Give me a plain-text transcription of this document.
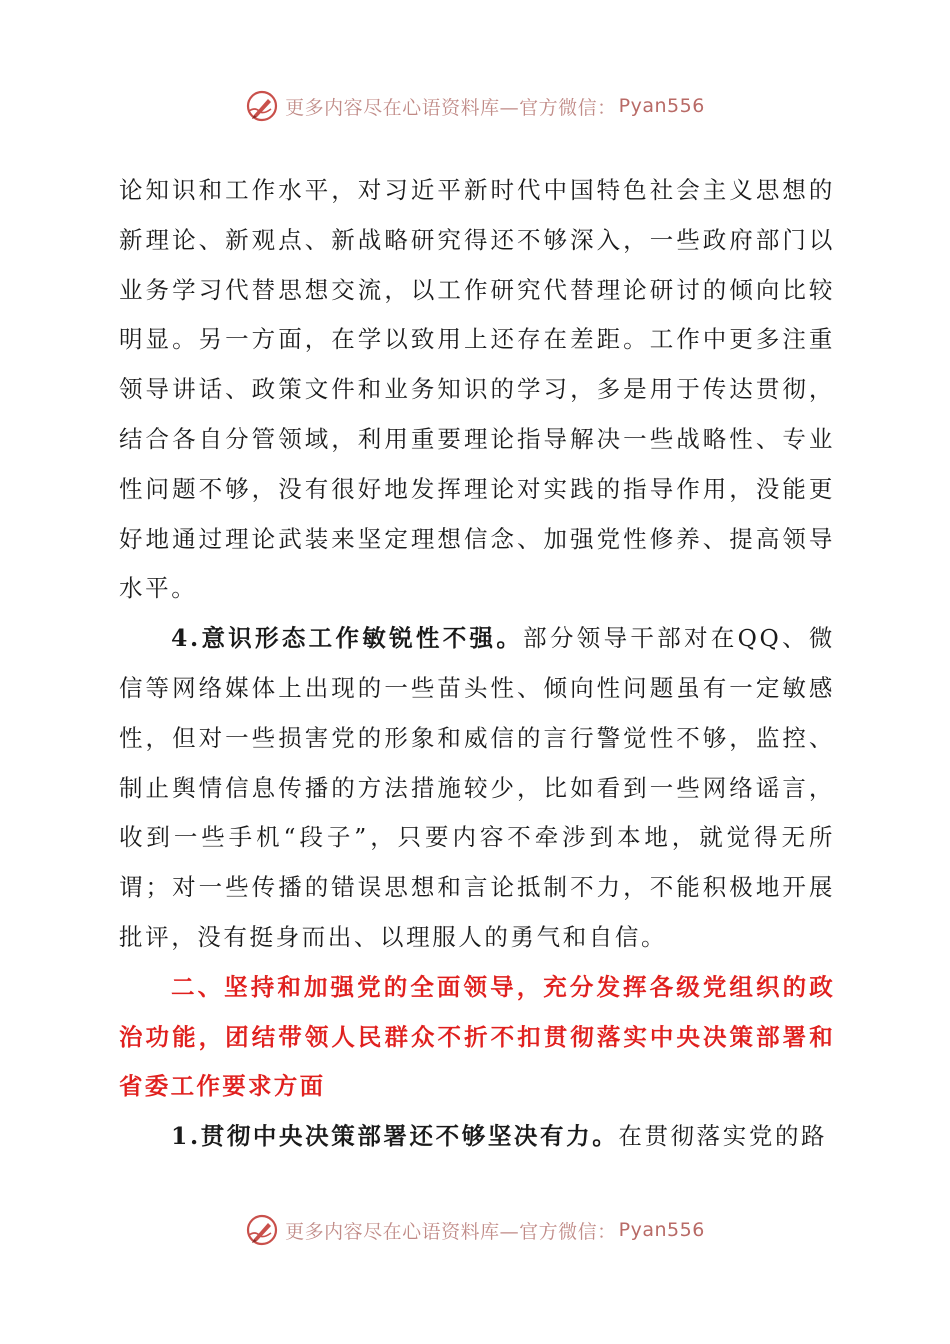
更多内容尽在心语资料库—官方微信： Pyan556

论知识和工作水平，对习近平新时代中国特色社会主义思想的新理论、新观点、新战略研究得还不够深入，一些政府部门以业务学习代替思想交流，以工作研究代替理论研讨的倾向比较明显。另一方面，在学以致用上还存在差距。工作中更多注重领导讲话、政策文件和业务知识的学习，多是用于传达贯彻，结合各自分管领域，利用重要理论指导解决一些战略性、专业性问题不够，没有很好地发挥理论对实践的指导作用，没能更好地通过理论武装来坚定理想信念、加强党性修养、提高领导水平。

4.意识形态工作敏锐性不强。部分领导干部对在QQ、微信等网络媒体上出现的一些苗头性、倾向性问题虽有一定敏感性，但对一些损害党的形象和威信的言行警觉性不够，监控、制止舆情信息传播的方法措施较少，比如看到一些网络谣言，收到一些手机“段子”，只要内容不牵涉到本地，就觉得无所谓；对一些传播的错误思想和言论抵制不力，不能积极地开展批评，没有挺身而出、以理服人的勇气和自信。

二、坚持和加强党的全面领导，充分发挥各级党组织的政治功能，团结带领人民群众不折不扣贯彻落实中央决策部署和省委工作要求方面

1.贯彻中央决策部署还不够坚决有力。在贯彻落实党的路

更多内容尽在心语资料库—官方微信： Pyan556
